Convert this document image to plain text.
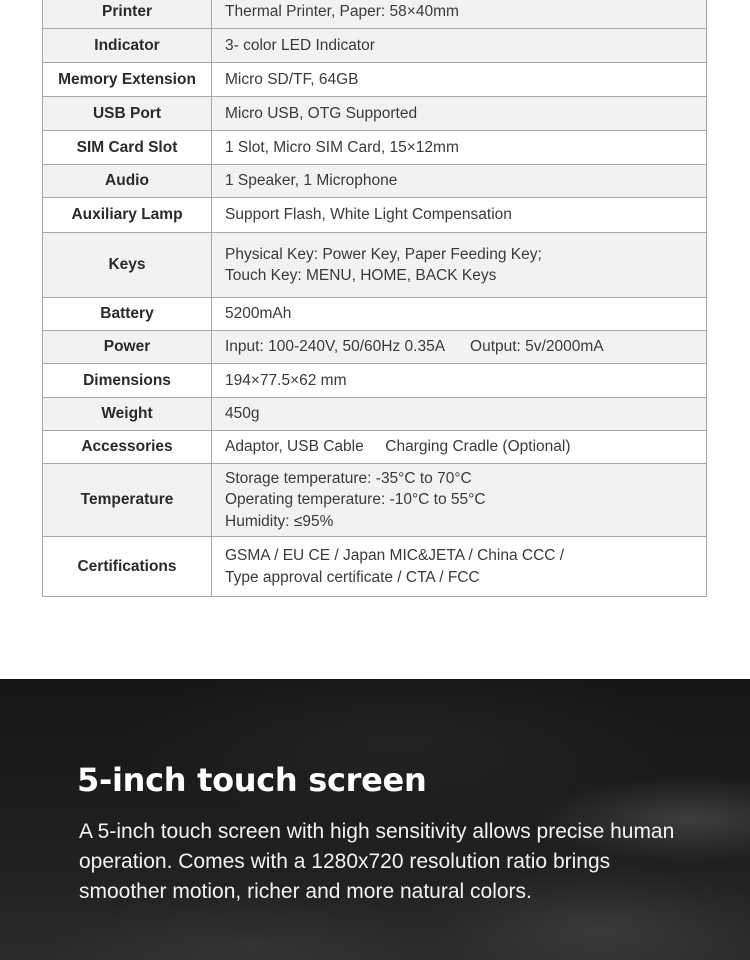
Printer	Thermal Printer, Paper: 58×40mm

Indicator	3- color LED Indicator

Memory Extension	Micro SD/TF, 64GB

USB Port	Micro USB, OTG Supported

SIM Card Slot	1 Slot, Micro SIM Card, 15×12mm

Audio	1 Speaker, 1 Microphone

Auxiliary Lamp	Support Flash, White Light Compensation

Keys	Physical Key: Power Key, Paper Feeding Key;
Touch Key: MENU, HOME, BACK Keys

Battery	5200mAh

Power	Input: 100-240V, 50/60Hz 0.35A      Output: 5v/2000mA

Dimensions	194×77.5×62 mm

Weight	450g

Accessories	Adaptor, USB Cable     Charging Cradle (Optional)

Temperature	Storage temperature: -35°C to 70°C
Operating temperature: -10°C to 55°C
Humidity: ≤95%

Certifications	GSMA / EU CE / Japan MIC&JETA / China CCC /
Type approval certificate / CTA / FCC
5-inch touch screen

A 5-inch touch screen with high sensitivity allows precise human operation. Comes with a 1280x720 resolution ratio brings smoother motion, richer and more natural colors.
